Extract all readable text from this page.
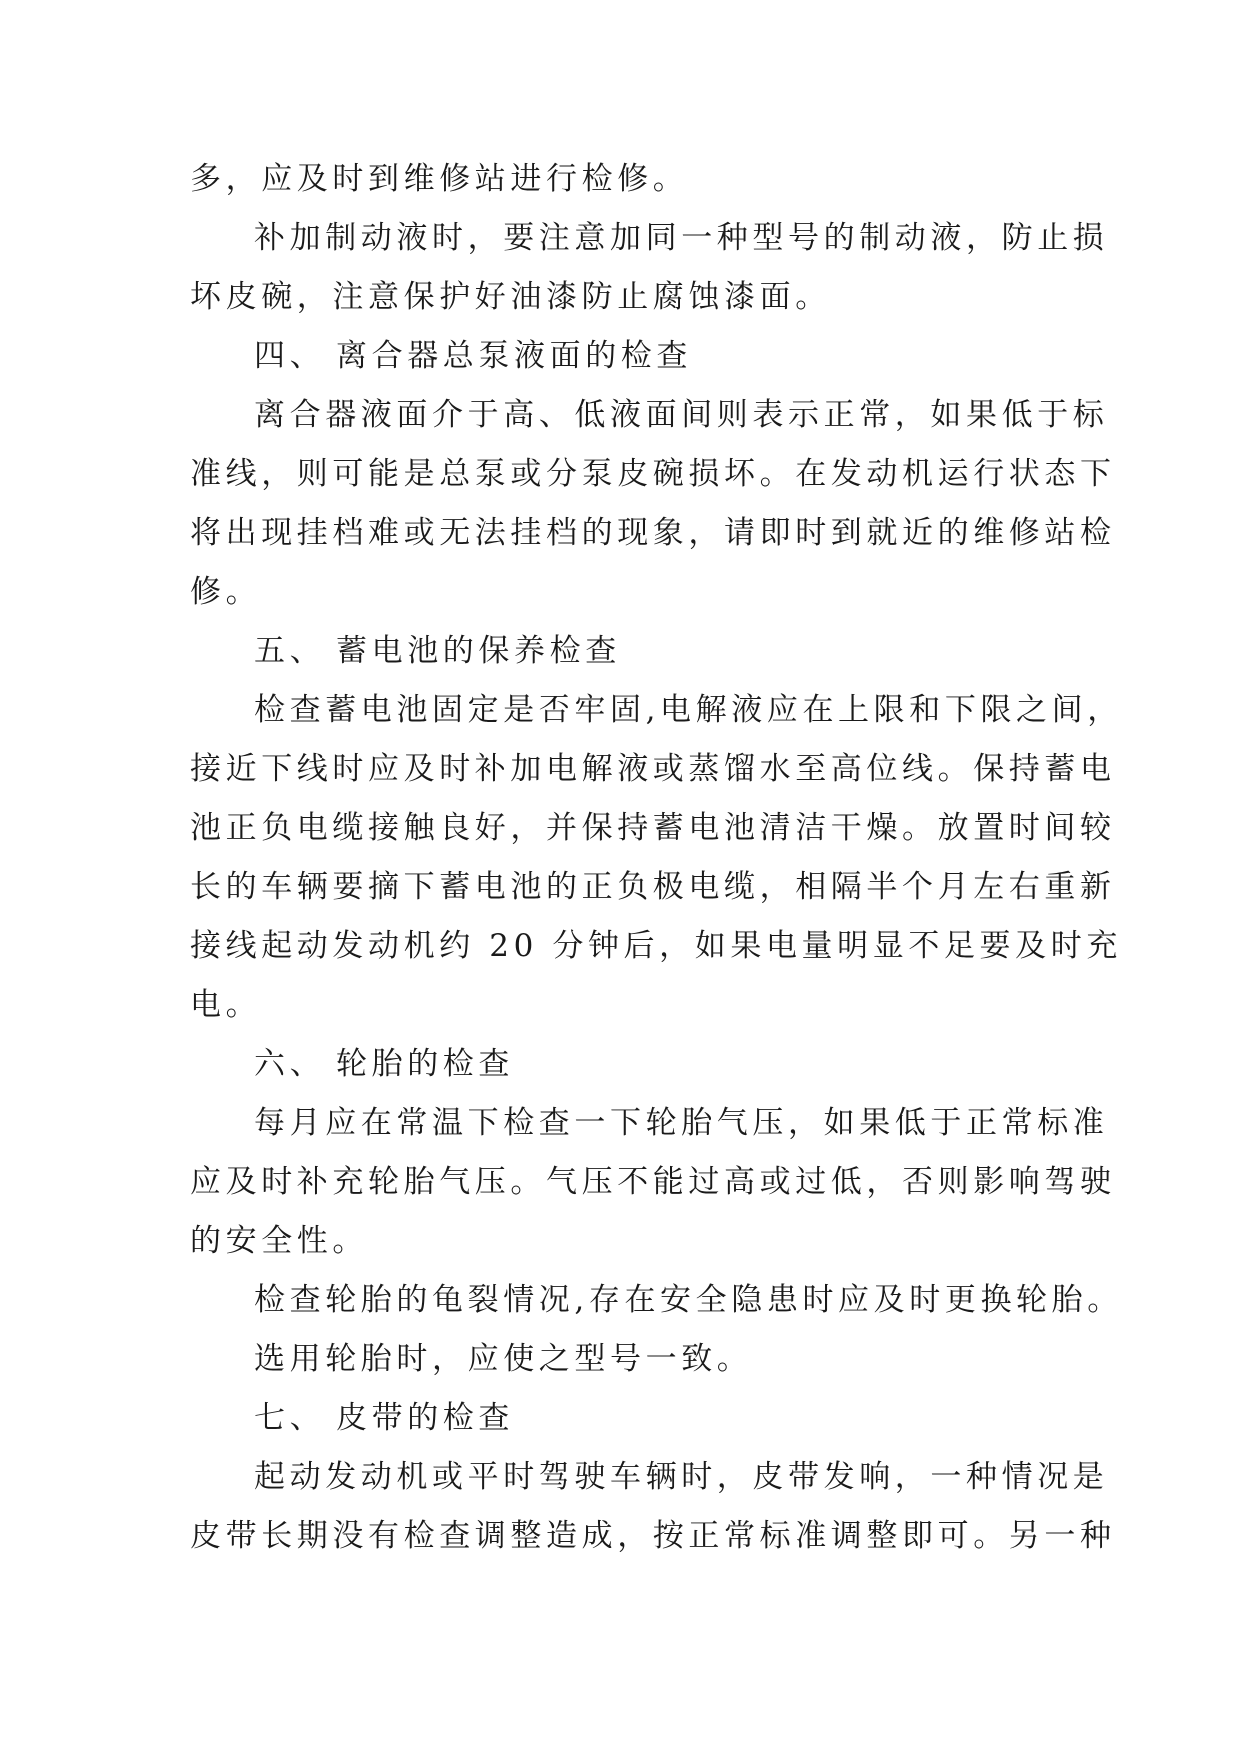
多，应及时到维修站进行检修。
补加制动液时，要注意加同一种型号的制动液，防止损
坏皮碗，注意保护好油漆防止腐蚀漆面。
四、 离合器总泵液面的检查
离合器液面介于高、低液面间则表示正常，如果低于标
准线，则可能是总泵或分泵皮碗损坏。在发动机运行状态下
将出现挂档难或无法挂档的现象，请即时到就近的维修站检
修。
五、 蓄电池的保养检查
检查蓄电池固定是否牢固,电解液应在上限和下限之间，
接近下线时应及时补加电解液或蒸馏水至高位线。保持蓄电
池正负电缆接触良好，并保持蓄电池清洁干燥。放置时间较
长的车辆要摘下蓄电池的正负极电缆，相隔半个月左右重新
接线起动发动机约 20 分钟后，如果电量明显不足要及时充
电。
六、 轮胎的检查
每月应在常温下检查一下轮胎气压，如果低于正常标准
应及时补充轮胎气压。气压不能过高或过低，否则影响驾驶
的安全性。
检查轮胎的龟裂情况,存在安全隐患时应及时更换轮胎。
选用轮胎时，应使之型号一致。
七、 皮带的检查
起动发动机或平时驾驶车辆时，皮带发响，一种情况是
皮带长期没有检查调整造成，按正常标准调整即可。另一种
